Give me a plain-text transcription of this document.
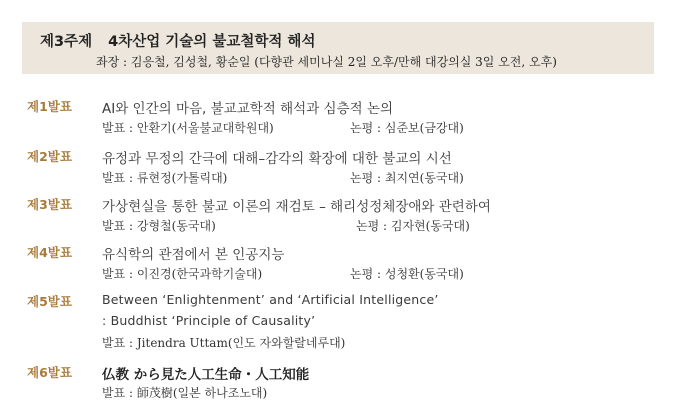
제3주제 4차산업 기술의 불교철학적 해석
좌장 : 김응철, 김성철, 황순일 (다향관 세미나실 2일 오후/만해 대강의실 3일 오전, 오후)
제1발표 AI와 인간의 마음, 불교교학적 해석과 심층적 논의
발표 : 안환기(서울불교대학원대)	논평 : 심준보(금강대)
제2발표 유정과 무정의 간극에 대해–감각의 확장에 대한 불교의 시선
발표 : 류현정(가톨릭대)	논평 : 최지연(동국대)
제3발표 가상현실을 통한 불교 이론의 재검토 – 해리성정체장애와 관련하여
발표 : 강형철(동국대)	논평 : 김자현(동국대)
제4발표 유식학의 관점에서 본 인공지능
발표 : 이진경(한국과학기술대)	논평 : 성청환(동국대)
제5발표 Between ‘Enlightenment’ and ‘Artificial Intelligence’
: Buddhist ‘Principle of Causality’
발표 : Jitendra Uttam(인도 자와할랄네루대)
제6발표 仏教 から見た人工生命・人工知能
발표 : 師茂樹(일본 하나조노대)
